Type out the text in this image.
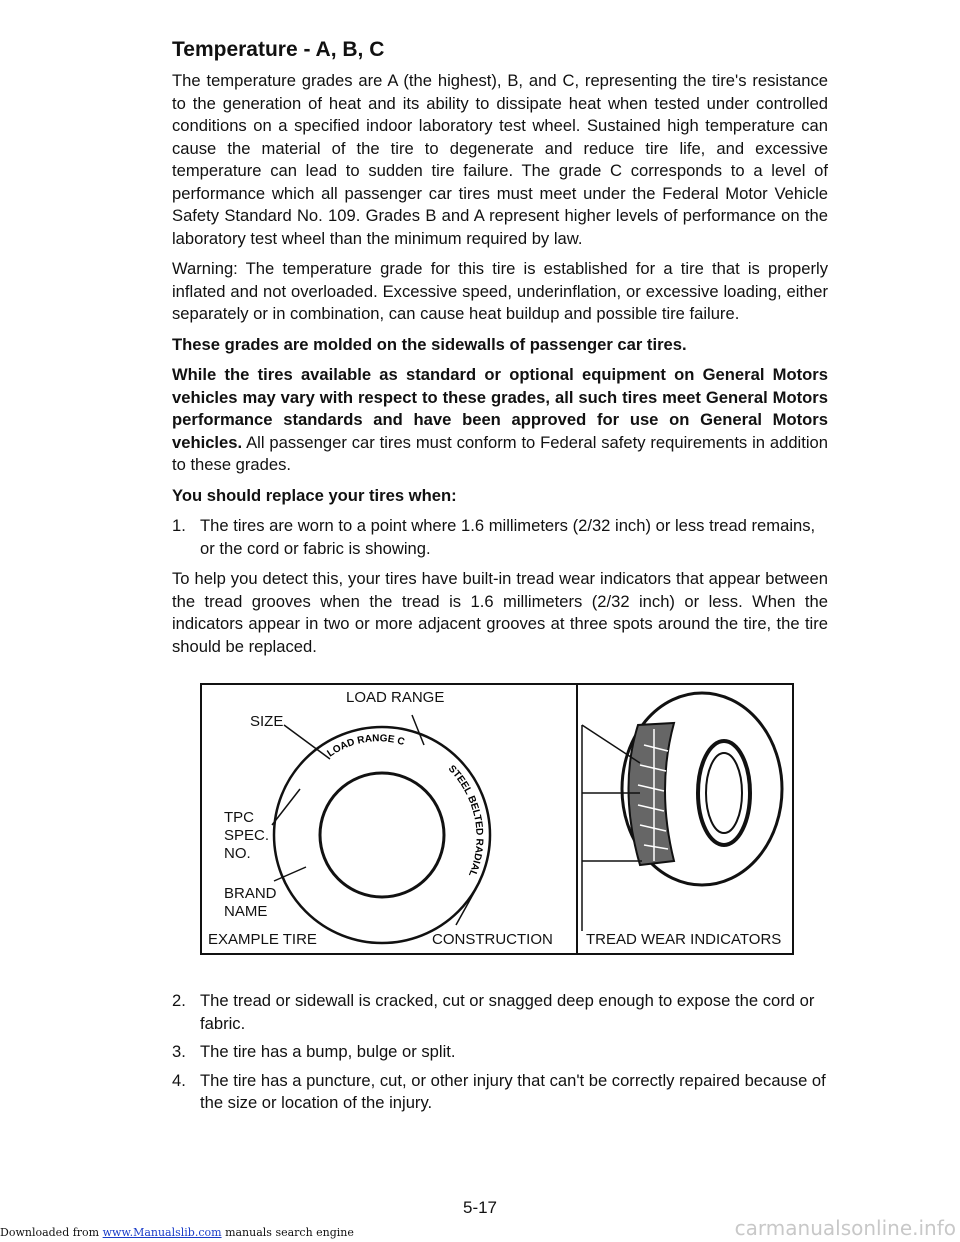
Temperature - A, B, C

The temperature grades are A (the highest), B, and C, representing the tire's resistance to the generation of heat and its ability to dissipate heat when tested under controlled conditions on a specified indoor laboratory test wheel. Sustained high temperature can cause the material of the tire to degenerate and reduce tire life, and excessive temperature can lead to sudden tire failure. The grade C corresponds to a level of performance which all passenger car tires must meet under the Federal Motor Vehicle Safety Standard No. 109. Grades B and A represent higher levels of performance on the laboratory test wheel than the minimum required by law.

Warning: The temperature grade for this tire is established for a tire that is properly inflated and not overloaded. Excessive speed, underinflation, or excessive loading, either separately or in combination, can cause heat buildup and possible tire failure.

These grades are molded on the sidewalls of passenger car tires.

While the tires available as standard or optional equipment on General Motors vehicles may vary with respect to these grades, all such tires meet General Motors performance standards and have been approved for use on General Motors vehicles. All passenger car tires must conform to Federal safety requirements in addition to these grades.

You should replace your tires when:

1. The tires are worn to a point where 1.6 millimeters (2/32 inch) or less tread remains, or the cord or fabric is showing.

To help you detect this, your tires have built-in tread wear indicators that appear between the tread grooves when the tread is 1.6 millimeters (2/32 inch) or less. When the indicators appear in two or more adjacent grooves at three spots around the tire, the tire should be replaced.

LOAD RANGE C
STEEL BELTED RADIAL
LOAD RANGE
SIZE
TPC
SPEC.
NO.
BRAND
NAME
EXAMPLE TIRE	CONSTRUCTION TREAD WEAR INDICATORS
2. The tread or sidewall is cracked, cut or snagged deep enough to expose the cord or fabric.
3. The tire has a bump, bulge or split.
4. The tire has a puncture, cut, or other injury that can't be correctly repaired because of the size or location of the injury.
5-17
Downloaded from www.Manualslib.com manuals search engine	carmanualsonline.info
